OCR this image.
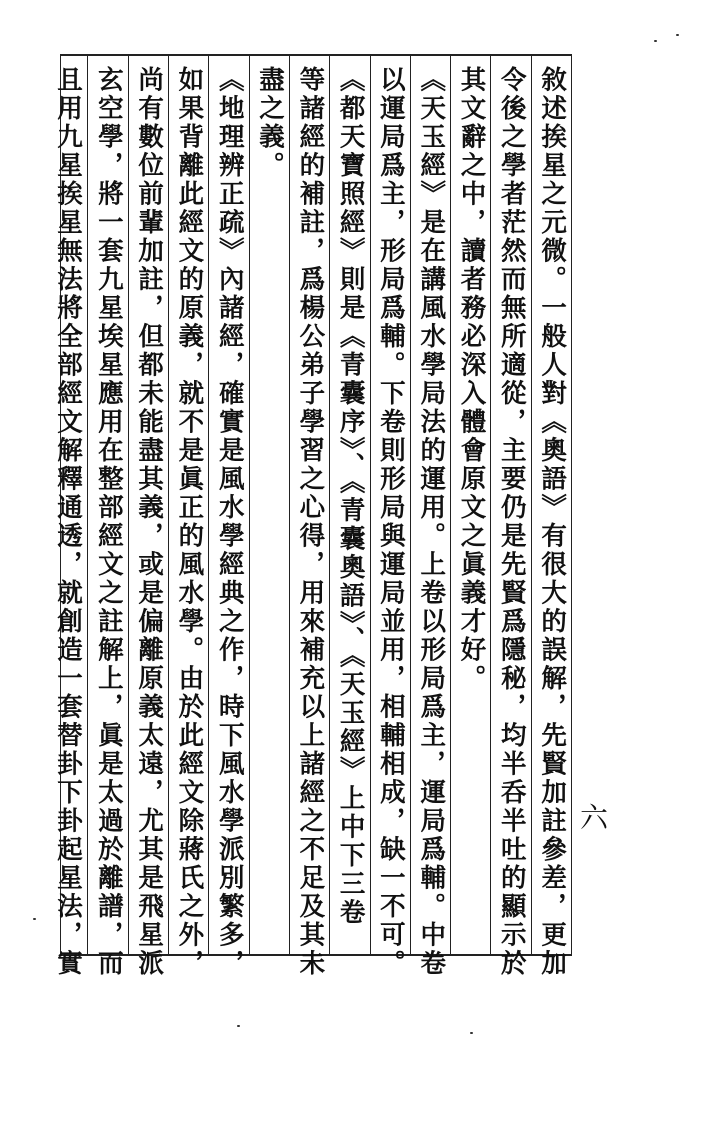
敘述挨星之元微。一般人對《奧語》有很大的誤解，先賢加註參差，更加
令後之學者茫然而無所適從，主要仍是先賢爲隱秘，均半呑半吐的顯示於
其文辭之中，讀者務必深入體會原文之眞義才好。
《天玉經》是在講風水學局法的運用。上卷以形局爲主，運局爲輔。中卷
以運局爲主，形局爲輔。下卷則形局與運局並用，相輔相成，缺一不可。
《都天寶照經》則是《青囊序》、《青囊奧語》、《天玉經》上中下三卷
等諸經的補註，爲楊公弟子學習之心得，用來補充以上諸經之不足及其未
盡之義。
《地理辨正疏》內諸經，確實是風水學經典之作，時下風水學派別繁多，
如果背離此經文的原義，就不是眞正的風水學。由於此經文除蔣氏之外，
尚有數位前輩加註，但都未能盡其義，或是偏離原義太遠，尤其是飛星派
玄空學，將一套九星埃星應用在整部經文之註解上，眞是太過於離譜，而
且用九星挨星無法將全部經文解釋通透，就創造一套替卦下卦起星法，實	六
